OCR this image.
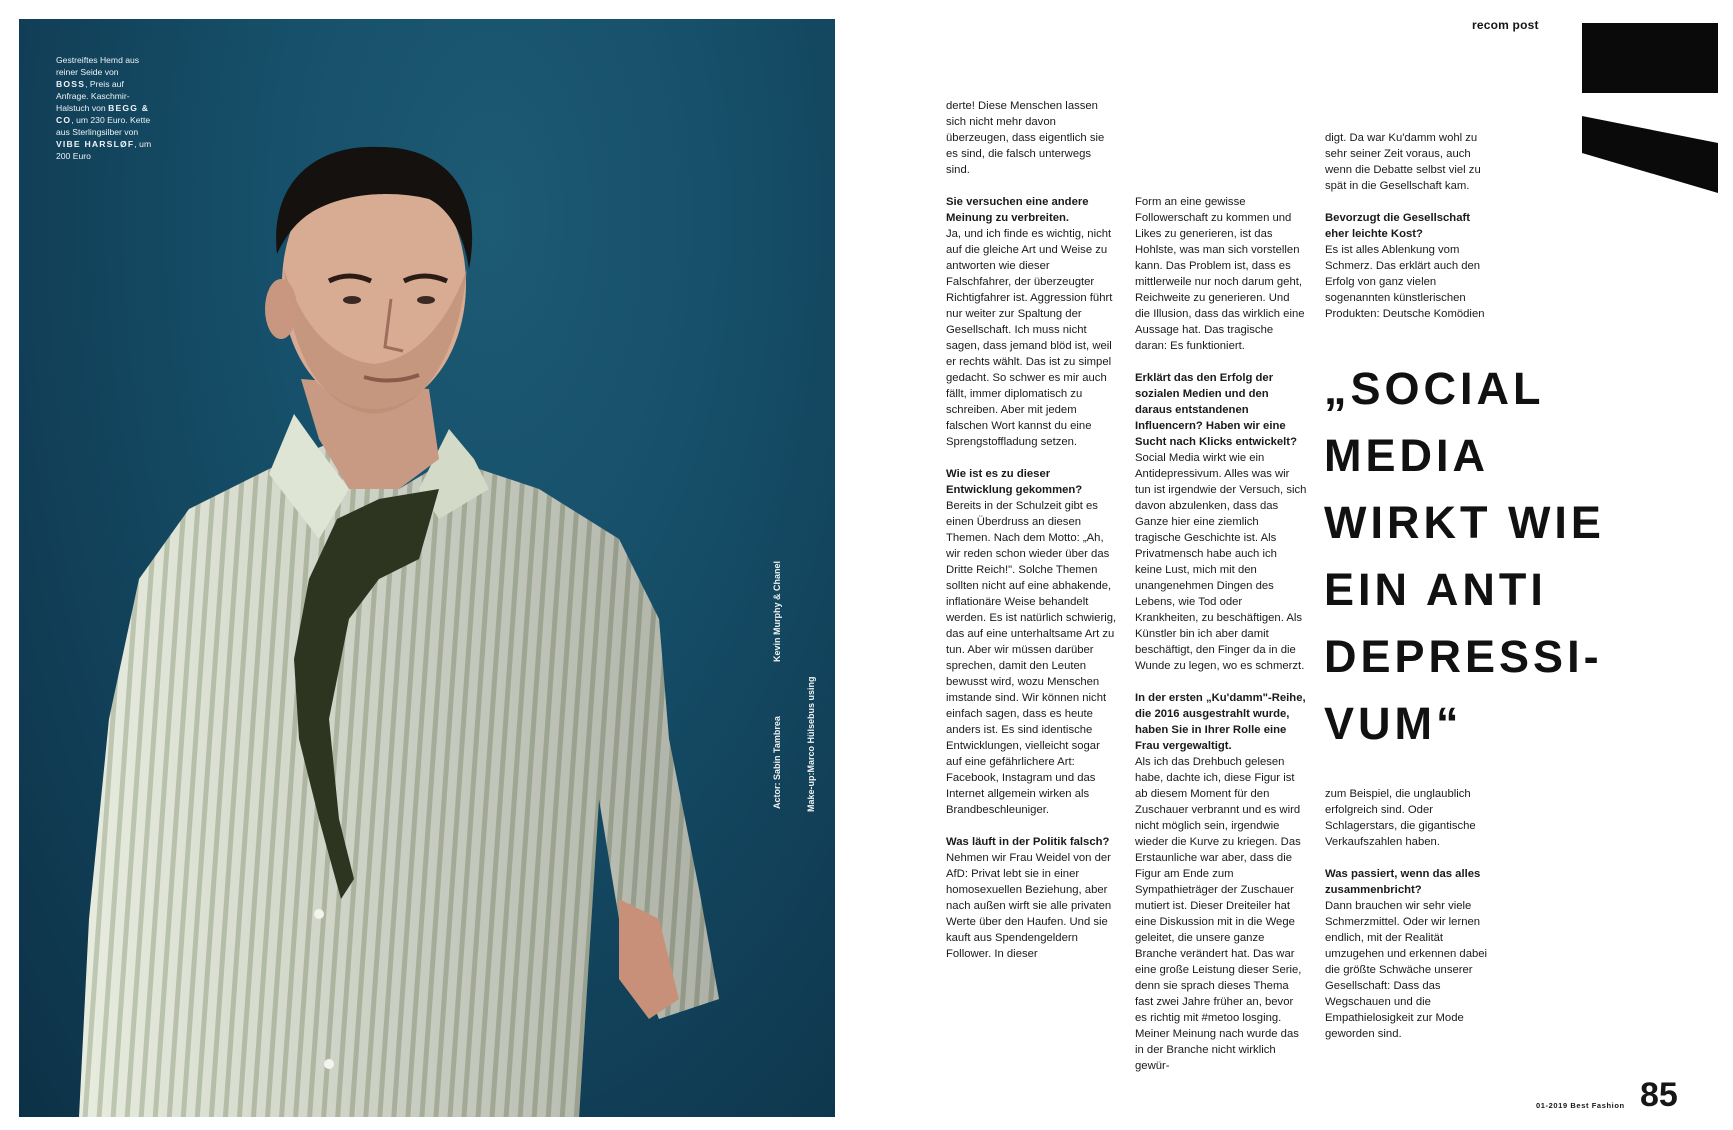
Gestreiftes Hemd aus reiner Seide von BOSS, Preis auf Anfrage. Kaschmir-Halstuch von BEGG & CO, um 230 Euro. Kette aus Sterlingsilber von VIBE HARSLØF, um 200 Euro
Actor: Sabin Tambrea
Kevin Murphy & Chanel
Make-up:Marco Hülsebus using
recom post

derte! Diese Menschen lassen sich nicht mehr davon überzeugen, dass eigentlich sie es sind, die falsch unterwegs sind.

Sie versuchen eine andere Meinung zu verbreiten.

Ja, und ich finde es wichtig, nicht auf die gleiche Art und Weise zu antworten wie dieser Falschfahrer, der überzeugter Richtigfahrer ist. Aggression führt nur weiter zur Spaltung der Gesellschaft. Ich muss nicht sagen, dass jemand blöd ist, weil er rechts wählt. Das ist zu simpel gedacht. So schwer es mir auch fällt, immer diplomatisch zu schreiben. Aber mit jedem falschen Wort kannst du eine Sprengstoffladung setzen.

Wie ist es zu dieser Entwicklung gekommen?

Bereits in der Schulzeit gibt es einen Überdruss an diesen Themen. Nach dem Motto: „Ah, wir reden schon wieder über das Dritte Reich!". Solche Themen sollten nicht auf eine abhakende, inflationäre Weise behandelt werden. Es ist natürlich schwierig, das auf eine unterhaltsame Art zu tun. Aber wir müssen darüber sprechen, damit den Leuten bewusst wird, wozu Menschen imstande sind. Wir können nicht einfach sagen, dass es heute anders ist. Es sind identische Entwicklungen, vielleicht sogar auf eine gefährlichere Art: Facebook, Instagram und das Internet allgemein wirken als Brandbeschleuniger.

Was läuft in der Politik falsch?

Nehmen wir Frau Weidel von der AfD: Privat lebt sie in einer homosexuellen Beziehung, aber nach außen wirft sie alle privaten Werte über den Haufen. Und sie kauft aus Spendengeldern Follower. In dieser

Form an eine gewisse Followerschaft zu kommen und Likes zu generieren, ist das Hohlste, was man sich vorstellen kann. Das Problem ist, dass es mittlerweile nur noch darum geht, Reichweite zu generieren. Und die Illusion, dass das wirklich eine Aussage hat. Das tragische daran: Es funktioniert.

Erklärt das den Erfolg der sozialen Medien und den daraus entstandenen Influencern? Haben wir eine Sucht nach Klicks entwickelt?

Social Media wirkt wie ein Antidepressivum. Alles was wir tun ist irgendwie der Versuch, sich davon abzulenken, dass das Ganze hier eine ziemlich tragische Geschichte ist. Als Privatmensch habe auch ich keine Lust, mich mit den unangenehmen Dingen des Lebens, wie Tod oder Krankheiten, zu beschäftigen. Als Künstler bin ich aber damit beschäftigt, den Finger da in die Wunde zu legen, wo es schmerzt.

In der ersten „Ku'damm"-Reihe, die 2016 ausgestrahlt wurde, haben Sie in Ihrer Rolle eine Frau vergewaltigt.

Als ich das Drehbuch gelesen habe, dachte ich, diese Figur ist ab diesem Moment für den Zuschauer verbrannt und es wird nicht möglich sein, irgendwie wieder die Kurve zu kriegen. Das Erstaunliche war aber, dass die Figur am Ende zum Sympathieträger der Zuschauer mutiert ist. Dieser Dreiteiler hat eine Diskussion mit in die Wege geleitet, die unsere ganze Branche verändert hat. Das war eine große Leistung dieser Serie, denn sie sprach dieses Thema fast zwei Jahre früher an, bevor es richtig mit #metoo losging. Meiner Meinung nach wurde das in der Branche nicht wirklich gewür-

digt. Da war Ku'damm wohl zu sehr seiner Zeit voraus, auch wenn die Debatte selbst viel zu spät in die Gesellschaft kam.

Bevorzugt die Gesellschaft eher leichte Kost?

Es ist alles Ablenkung vom Schmerz. Das erklärt auch den Erfolg von ganz vielen sogenannten künstlerischen Produkten: Deutsche Komödien

„SOCIAL
MEDIA
WIRKT WIE
EIN ANTI
DEPRESSI-
VUM“

zum Beispiel, die unglaublich erfolgreich sind. Oder Schlagerstars, die gigantische Verkaufszahlen haben.

Was passiert, wenn das alles zusammenbricht?

Dann brauchen wir sehr viele Schmerzmittel. Oder wir lernen endlich, mit der Realität umzugehen und erkennen dabei die größte Schwäche unserer Gesellschaft: Dass das Wegschauen und die Empathielosigkeit zur Mode geworden sind.

01-2019 Best Fashion 85
